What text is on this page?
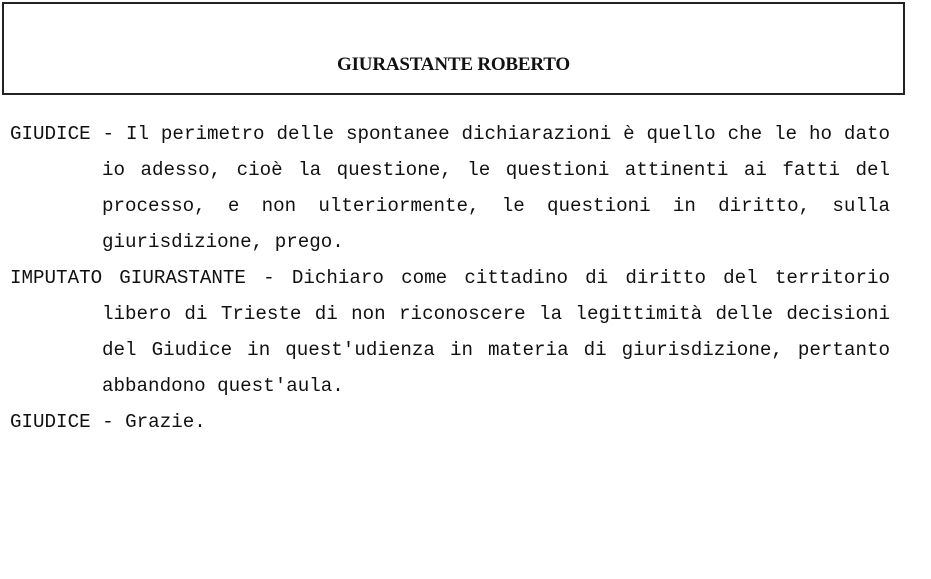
GIURASTANTE ROBERTO

GIUDICE - Il perimetro delle spontanee dichiarazioni è quello che le ho dato io adesso, cioè la questione, le questioni attinenti ai fatti del processo, e non ulteriormente, le questioni in diritto, sulla giurisdizione, prego.

IMPUTATO GIURASTANTE - Dichiaro come cittadino di diritto del territorio libero di Trieste di non riconoscere la legittimità delle decisioni del Giudice in quest'udienza in materia di giurisdizione, pertanto abbandono quest'aula.

GIUDICE - Grazie.
